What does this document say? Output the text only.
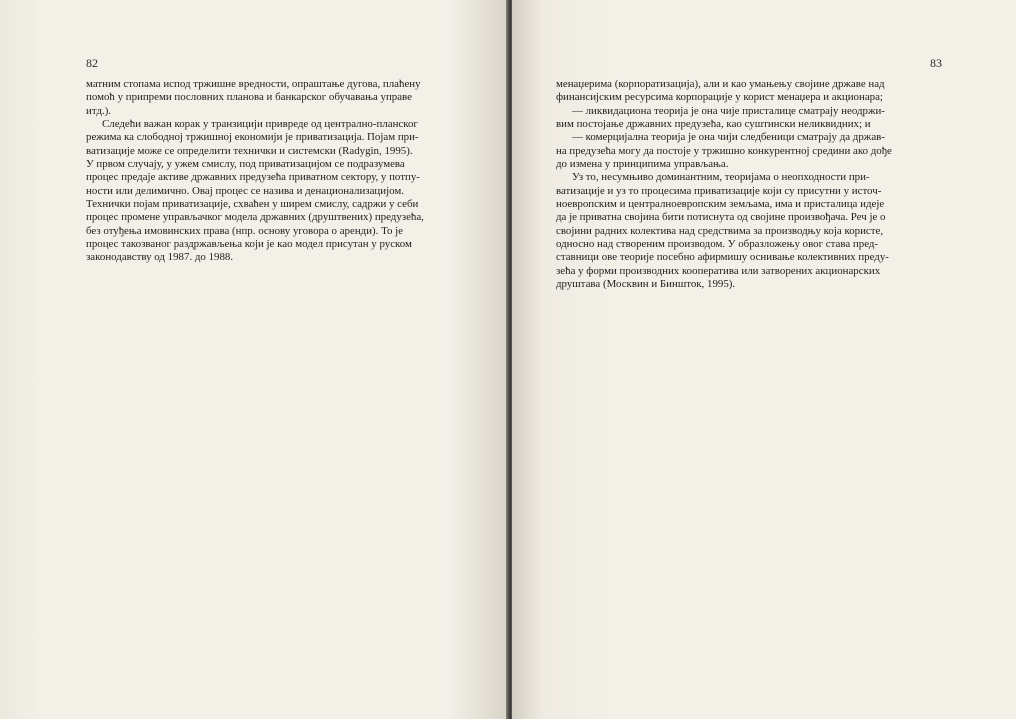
82
матним стопама испод тржишне вредности, опраштање дугова, плаћену
помоћ у припреми пословних планова и банкарског обучавања управе
итд.).
Следећи важан корак у транзицији привреде од централно-планског
режима ка слободној тржишној економији је приватизација. Појам при-
ватизације може се определити технички и системски (Radygin, 1995).
У првом случају, у ужем смислу, под приватизацијом се подразумева
процес предаје активе државних предузећа приватном сектору, у потпу-
ности или делимично. Овај процес се назива и денационализацијом.
Технички појам приватизације, схваћен у ширем смислу, садржи у себи
процес промене управљачког модела државних (друштвених) предузећа,
без отуђења имовинских права (нпр. основу уговора о аренди). То је
процес такозваног раздржављења који је као модел присутан у руском
законодавству од 1987. до 1988.
83
менаџерима (корпоратизација), али и као умањењу својине државе над
финансијским ресурсима корпорације у корист менаџера и акционара;
— ликвидациона теорија је она чије присталице сматрају неодржи-
вим постојање државних предузећа, као суштински неликвидних; и
— комерцијална теорија је она чији следбеници сматрају да држав-
на предузећа могу да постоје у тржишно конкурентној средини ако дође
до измена у принципима управљања.
Уз то, несумњиво доминантним, теоријама о неопходности при-
ватизације и уз то процесима приватизације који су присутни у источ-
ноевропским и централноевропским земљама, има и присталица идеје
да је приватна својина бити потиснута од својине произвођача. Реч је о
својини радних колектива над средствима за производњу која користе,
односно над створеним производом. У образложењу овог става пред-
ставници ове теорије посебно афирмишу оснивање колективних преду-
зећа у форми производних кооператива или затворених акционарских
друштава (Москвин и Биншток, 1995).
